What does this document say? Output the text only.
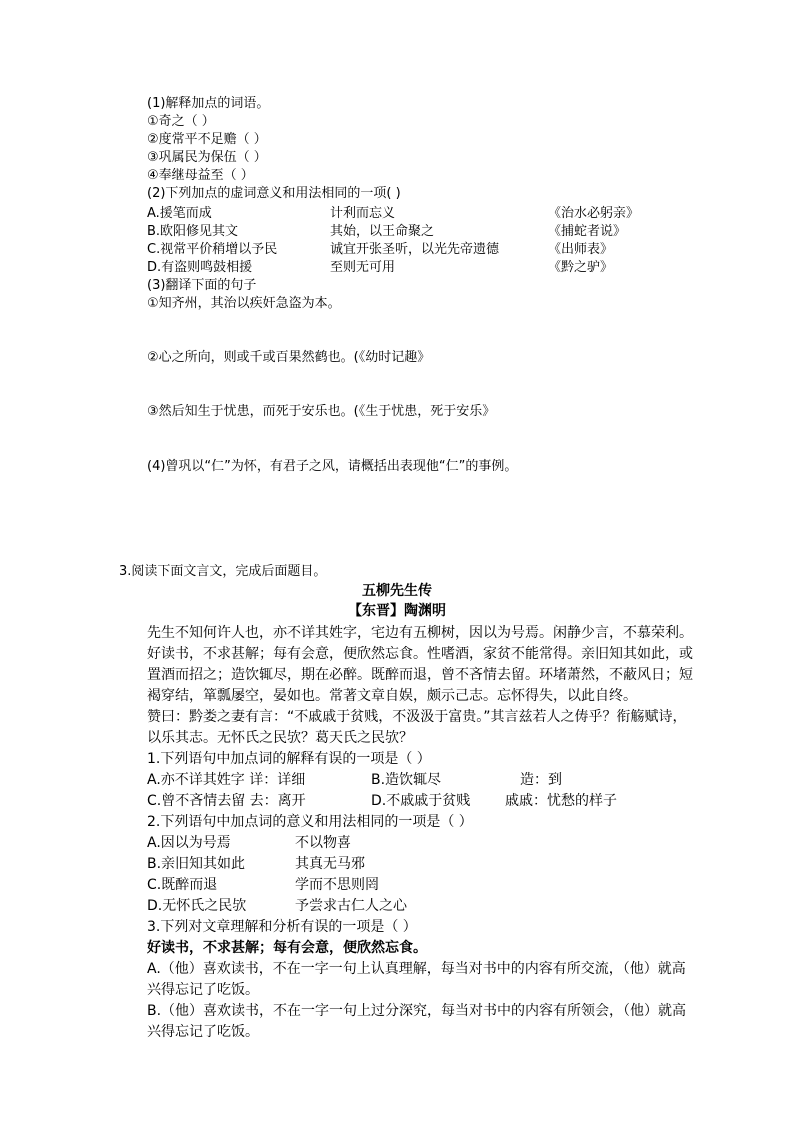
(1)解释加点的词语。
①奇之（ ）
②度常平不足赡（ ）
③巩属民为保伍（ ）
④奉继母益至（ ）
(2)下列加点的虚词意义和用法相同的一项( )
A.援笔而成	计利而忘义	《治水必躬亲》
B.欧阳修见其文	其始，以王命聚之	《捕蛇者说》
C.视常平价稍增以予民	诚宜开张圣听，以光先帝遗德	《出师表》
D.有盗则鸣鼓相援	至则无可用	《黔之驴》
(3)翻译下面的句子
①知齐州，其治以疾奸急盗为本。
②心之所向，则或千或百果然鹤也。(《幼时记趣》
③然后知生于忧患，而死于安乐也。(《生于忧患，死于安乐》
(4)曾巩以“仁”为怀，有君子之风，请概括出表现他“仁”的事例。
3.阅读下面文言文，完成后面题目。
五柳先生传
【东晋】陶渊明
先生不知何许人也，亦不详其姓字，宅边有五柳树，因以为号焉。闲静少言，不慕荣利。
好读书，不求甚解；每有会意，便欣然忘食。性嗜酒，家贫不能常得。亲旧知其如此，或
置酒而招之；造饮辄尽，期在必醉。既醉而退，曾不吝情去留。环堵萧然，不蔽风日；短
褐穿结，箪瓢屡空，晏如也。常著文章自娱，颇示己志。忘怀得失，以此自终。
赞曰：黔娄之妻有言：“不戚戚于贫贱，不汲汲于富贵。”其言兹若人之俦乎？衔觞赋诗，
以乐其志。无怀氏之民欤？葛天氏之民欤？
1.下列语句中加点词的解释有误的一项是（ ）
A.亦不详其姓字 详：详细	B.造饮辄尽	造：到
C.曾不吝情去留 去：离开	D.不戚戚于贫贱 戚戚：忧愁的样子
2.下列语句中加点词的意义和用法相同的一项是（ ）
A.因以为号焉	不以物喜
B.亲旧知其如此	其真无马邪
C.既醉而退	学而不思则罔
D.无怀氏之民欤	予尝求古仁人之心
3.下列对文章理解和分析有误的一项是（ ）
好读书，不求甚解；每有会意，便欣然忘食。
A.（他）喜欢读书，不在一字一句上认真理解，每当对书中的内容有所交流，（他）就高
兴得忘记了吃饭。
B.（他）喜欢读书，不在一字一句上过分深究，每当对书中的内容有所领会，（他）就高
兴得忘记了吃饭。
